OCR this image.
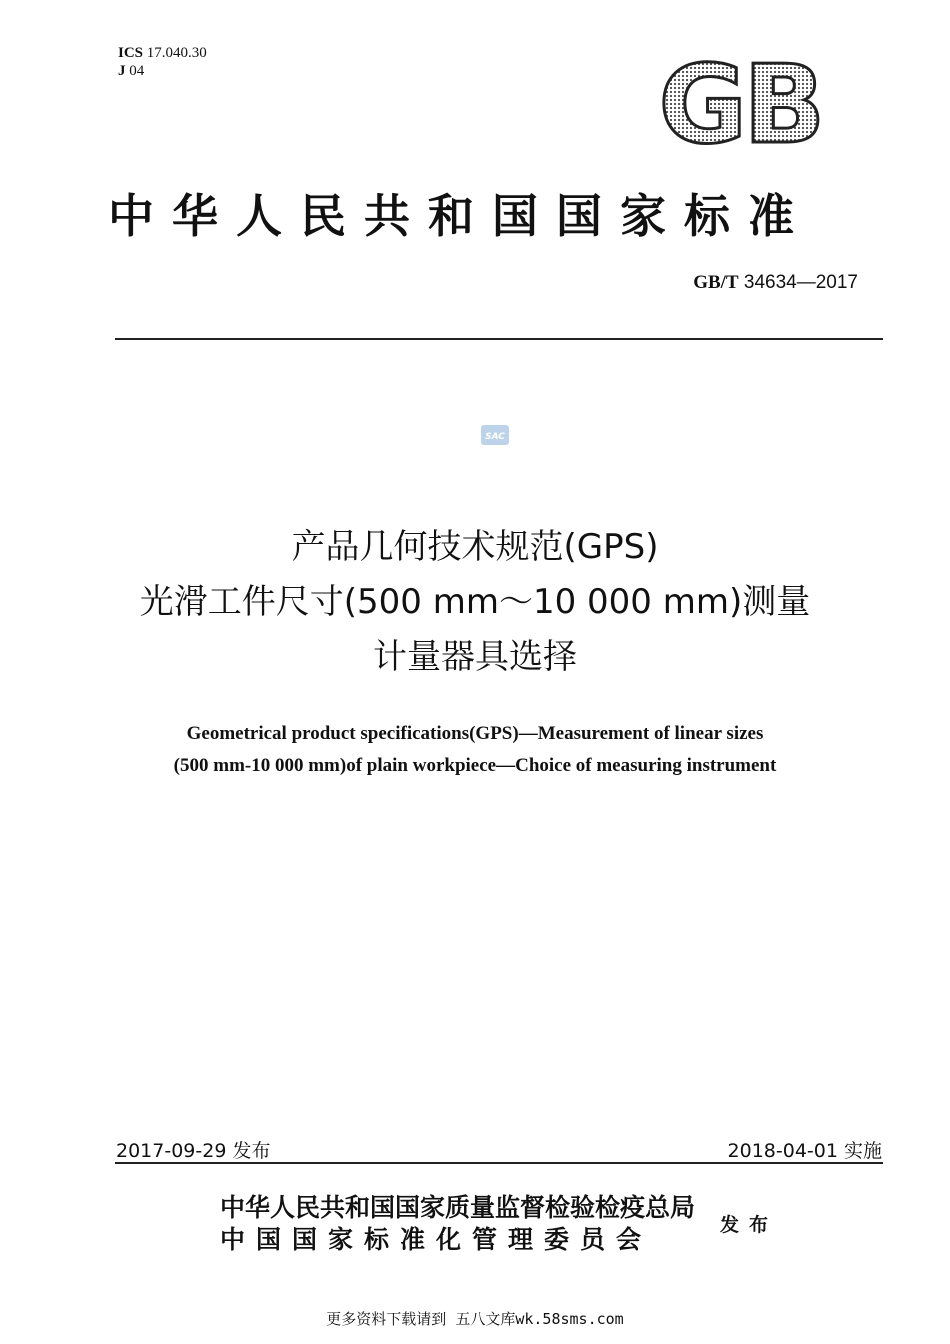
ICS 17.040.30
J 04	GB
中华人民共和国国家标准
GB/T 34634—2017
SAC
产品几何技术规范(GPS)
光滑工件尺寸(500 mm～10 000 mm)测量
计量器具选择
Geometrical product specifications(GPS)—Measurement of linear sizes
(500 mm-10 000 mm)of plain workpiece—Choice of measuring instrument
2017-09-29 发布	2018-04-01 实施
中华人民共和国国家质量监督检验检疫总局
中国国家标准化管理委员会	发布
更多资料下载请到 五八文库wk.58sms.com
